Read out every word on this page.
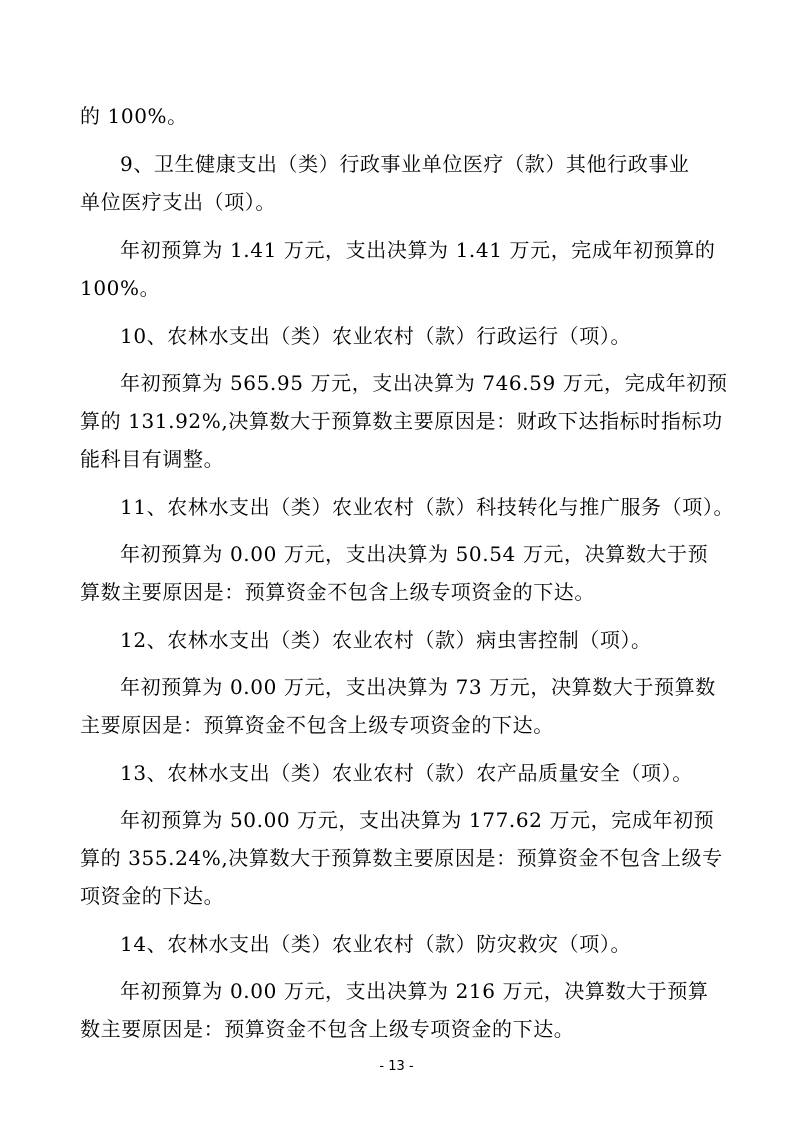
的 100%。
9、卫生健康支出（类）行政事业单位医疗（款）其他行政事业
单位医疗支出（项）。
年初预算为 1.41 万元，支出决算为 1.41 万元，完成年初预算的
100%。
10、农林水支出（类）农业农村（款）行政运行（项）。
年初预算为 565.95 万元，支出决算为 746.59 万元，完成年初预
算的 131.92%,决算数大于预算数主要原因是：财政下达指标时指标功
能科目有调整。
11、农林水支出（类）农业农村（款）科技转化与推广服务（项）。
年初预算为 0.00 万元，支出决算为 50.54 万元，决算数大于预
算数主要原因是：预算资金不包含上级专项资金的下达。
12、农林水支出（类）农业农村（款）病虫害控制（项）。
年初预算为 0.00 万元，支出决算为 73 万元，决算数大于预算数
主要原因是：预算资金不包含上级专项资金的下达。
13、农林水支出（类）农业农村（款）农产品质量安全（项）。
年初预算为 50.00 万元，支出决算为 177.62 万元，完成年初预
算的 355.24%,决算数大于预算数主要原因是：预算资金不包含上级专
项资金的下达。
14、农林水支出（类）农业农村（款）防灾救灾（项）。
年初预算为 0.00 万元，支出决算为 216 万元，决算数大于预算
数主要原因是：预算资金不包含上级专项资金的下达。
- 13 -
